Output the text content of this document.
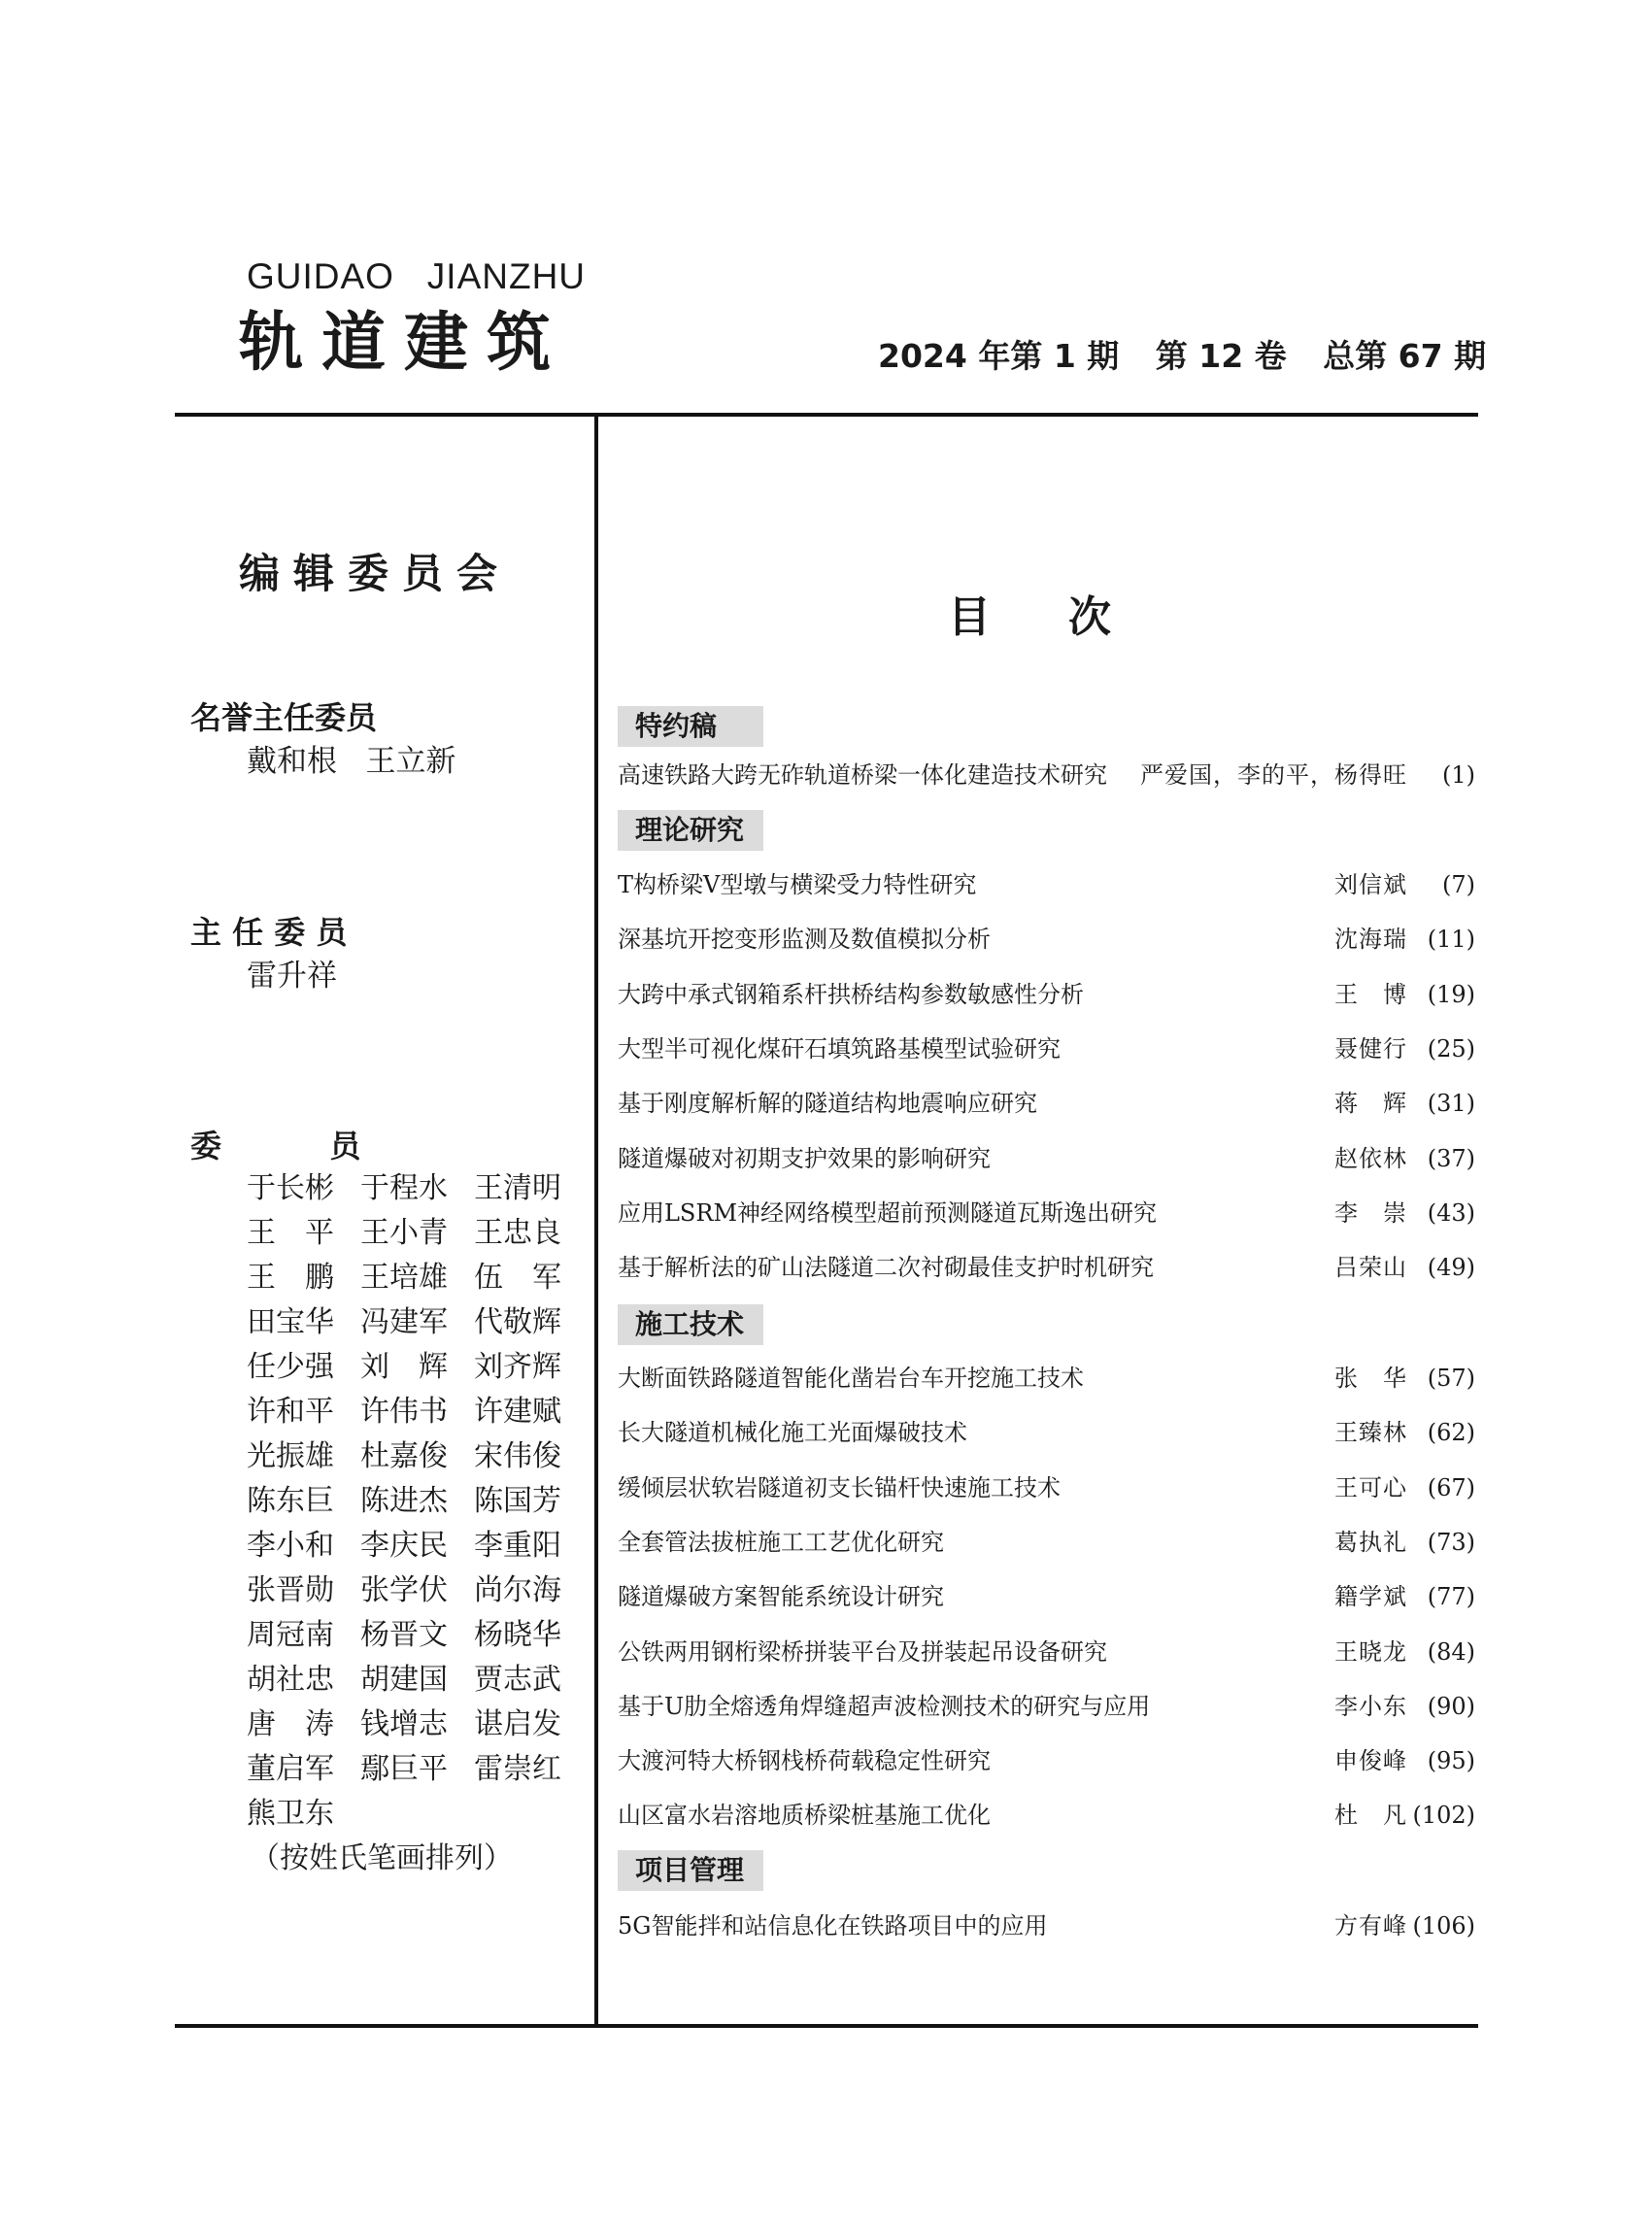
GUIDAO   JIANZHU
轨道建筑	2024 年第 1 期 第 12 卷 总第 67 期
编辑委员会
名誉主任委员
戴和根   王立新
主 任 委 员
雷升祥
委          员
于长彬 于程水 王清明
王　平 王小青 王忠良
王　鹏 王培雄 伍　军
田宝华 冯建军 代敬辉
任少强 刘　辉 刘齐辉
许和平 许伟书 许建赋
光振雄 杜嘉俊 宋伟俊
陈东巨 陈进杰 陈国芳
李小和 李庆民 李重阳
张晋勋 张学伏 尚尔海
周冠南 杨晋文 杨晓华
胡社忠 胡建国 贾志武
唐　涛 钱增志 谌启发
董启军 鄢巨平 雷崇红
熊卫东
（按姓氏笔画排列）
目次
特约稿
高速铁路大跨无砟轨道桥梁一体化建造技术研究 严爱国，李的平，杨得旺 (1)
理论研究
T构桥梁V型墩与横梁受力特性研究	刘信斌 (7)
深基坑开挖变形监测及数值模拟分析	沈海瑞 (11)
大跨中承式钢箱系杆拱桥结构参数敏感性分析	王　博 (19)
大型半可视化煤矸石填筑路基模型试验研究	聂健行 (25)
基于刚度解析解的隧道结构地震响应研究	蒋　辉 (31)
隧道爆破对初期支护效果的影响研究	赵依林 (37)
应用LSRM神经网络模型超前预测隧道瓦斯逸出研究	李　崇 (43)
基于解析法的矿山法隧道二次衬砌最佳支护时机研究	吕荣山 (49)
施工技术
大断面铁路隧道智能化凿岩台车开挖施工技术	张　华 (57)
长大隧道机械化施工光面爆破技术	王臻林 (62)
缓倾层状软岩隧道初支长锚杆快速施工技术	王可心 (67)
全套管法拔桩施工工艺优化研究	葛执礼 (73)
隧道爆破方案智能系统设计研究	籍学斌 (77)
公铁两用钢桁梁桥拼装平台及拼装起吊设备研究	王晓龙 (84)
基于U肋全熔透角焊缝超声波检测技术的研究与应用	李小东 (90)
大渡河特大桥钢栈桥荷载稳定性研究	申俊峰 (95)
山区富水岩溶地质桥梁桩基施工优化	杜　凡 (102)
项目管理
5G智能拌和站信息化在铁路项目中的应用	方有峰 (106)
